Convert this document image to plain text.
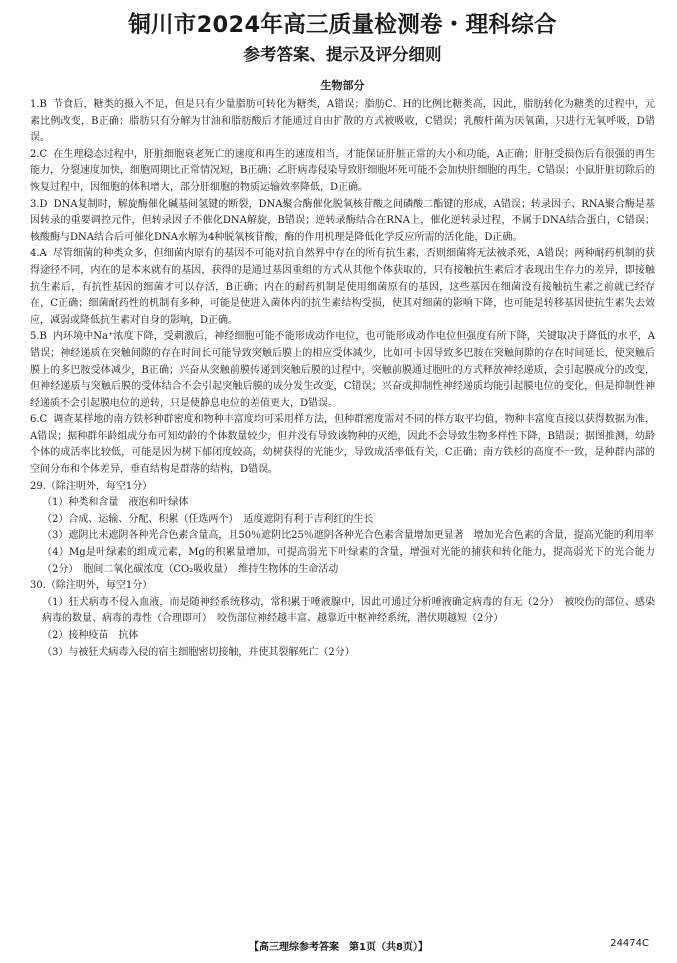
铜川市2024年高三质量检测卷・理科综合
参考答案、提示及评分细则
生物部分

1.B 节食后，糖类的摄入不足，但是只有少量脂肪可转化为糖类，A错误；脂肪C、H的比例比糖类高，因此，脂肪转化为糖类的过程中，元素比例改变，B正确；脂肪只有分解为甘油和脂肪酸后才能通过自由扩散的方式被吸收，C错误；乳酸杆菌为厌氧菌，只进行无氧呼吸，D错误。

2.C 在生理稳态过程中，肝脏细胞衰老死亡的速度和再生的速度相当，才能保证肝脏正常的大小和功能，A正确；肝脏受损伤后有很强的再生能力，分裂速度加快，细胞周期比正常情况短，B正确；乙肝病毒侵染导致肝细胞坏死可能不会加快肝细胞的再生，C错误；小鼠肝脏切除后的恢复过程中，因细胞的体积增大，部分肝细胞的物质运输效率降低，D正确。

3.D DNA复制时，解旋酶催化碱基间氢键的断裂，DNA聚合酶催化脱氧核苷酸之间磷酸二酯键的形成，A错误；转录因子、RNA聚合酶是基因转录的重要调控元件，但转录因子不催化DNA解旋，B错误；逆转录酶结合在RNA上，催化逆转录过程，不属于DNA结合蛋白，C错误；核酸酶与DNA结合后可催化DNA水解为4种脱氧核苷酸，酶的作用机理是降低化学反应所需的活化能，D正确。

4.A 尽管细菌的种类众多，但细菌内原有的基因不可能对抗自然界中存在的所有抗生素，否则细菌将无法被杀死，A错误；两种耐药机制的获得途径不同，内在的是本来就有的基因，获得的是通过基因重组的方式从其他个体获取的，只有接触抗生素后才表现出生存力的差异，即接触抗生素后，有抗性基因的细菌才可以存活，B正确；内在的耐药机制是使用细菌原有的基因，这些基因在细菌没有接触抗生素之前就已经存在，C正确；细菌耐药性的机制有多种，可能是使进入菌体内的抗生素结构受损，使其对细菌的影响下降，也可能是转移基因使抗生素失去效应，减弱或降低抗生素对自身的影响，D正确。

5.B 内环境中Na⁺浓度下降，受刺激后，神经细胞可能不能形成动作电位，也可能形成动作电位但强度有所下降，关键取决于降低的水平，A错误；神经递质在突触间隙的存在时间长可能导致突触后膜上的相应受体减少，比如可卡因导致多巴胺在突触间隙的存在时间延长，使突触后膜上的多巴胺受体减少，B正确；兴奋从突触前膜传递到突触后膜的过程中，突触前膜通过胞吐的方式释放神经递质，会引起膜成分的改变，但神经递质与突触后膜的受体结合不会引起突触后膜的成分发生改变，C错误；兴奋或抑制性神经递质均能引起膜电位的变化，但是抑制性神经递质不会引起膜电位的逆转，只是使静息电位的差值更大，D错误。

6.C 调查某样地的南方铁杉种群密度和物种丰富度均可采用样方法，但种群密度需对不同的样方取平均值，物种丰富度直接以获得数据为准，A错误；据种群年龄组成分布可知幼龄的个体数量较少，但并没有导致该物种的灭绝，因此不会导致生物多样性下降，B错误；据图推测，幼龄个体的成活率比较低，可能是因为树下郁闭度较高，幼树获得的光能少，导致成活率低有关，C正确；南方铁杉的高度不一致，是种群内部的空间分布和个体差异，垂直结构是群落的结构，D错误。

29.（除注明外，每空1分）

（1）种类和含量　液泡和叶绿体

（2）合成、运输、分配、积累（任选两个）　适度遮阴有利于吉利红的生长

（3）遮阴比未遮阴各种光合色素含量高，且50％遮阴比25％遮阴各种光合色素含量增加更显著　增加光合色素的含量，提高光能的利用率

（4）Mg是叶绿素的组成元素，Mg的积累量增加，可提高弱光下叶绿素的含量，增强对光能的捕获和转化能力，提高弱光下的光合能力（2分）　胞间二氧化碳浓度（CO₂吸收量）　维持生物体的生命活动

30.（除注明外，每空1分）

（1）狂犬病毒不侵入血液，而是随神经系统移动，常积累于唾液腺中，因此可通过分析唾液确定病毒的有无（2分）　被咬伤的部位、感染病毒的数量、病毒的毒性（合理即可）　咬伤部位神经越丰富、越靠近中枢神经系统，潜伏期越短（2分）

（2）接种疫苗　抗体

（3）与被狂犬病毒入侵的宿主细胞密切接触，并使其裂解死亡（2分）

【高三理综参考答案　第1页（共8页）】	24474C
